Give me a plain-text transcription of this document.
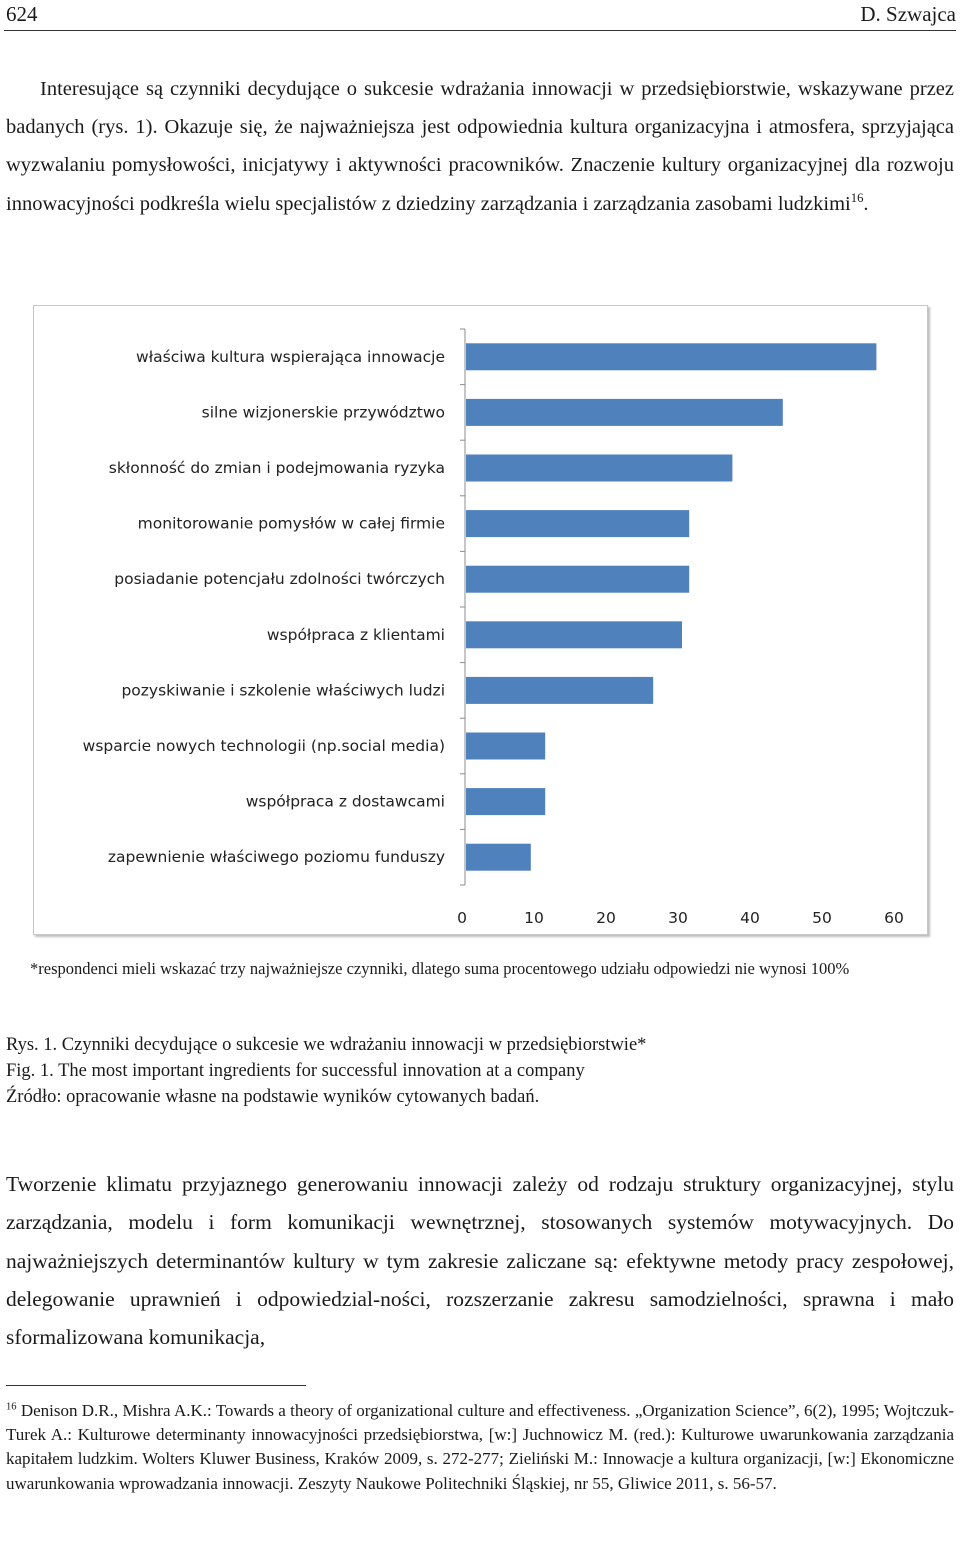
624	D. Szwajca

Interesujące są czynniki decydujące o sukcesie wdrażania innowacji w przedsiębiorstwie, wskazywane przez badanych (rys. 1). Okazuje się, że najważniejsza jest odpowiednia kultura organizacyjna i atmosfera, sprzyjająca wyzwalaniu pomysłowości, inicjatywy i aktywności pracowników. Znaczenie kultury organizacyjnej dla rozwoju innowacyjności podkreśla wielu specjalistów z dziedziny zarządzania i zarządzania zasobami ludzkimi$^{16}$.

właściwa kultura wspierająca innowacje
silne wizjonerskie przywództwo
skłonność do zmian i podejmowania ryzyka
monitorowanie pomysłów w całej firmie
posiadanie potencjału zdolności twórczych
współpraca z klientami
pozyskiwanie i szkolenie właściwych ludzi
wsparcie nowych technologii (np.social media)
współpraca z dostawcami
zapewnienie właściwego poziomu funduszy
0	10	20	30	40	50	60

*respondenci mieli wskazać trzy najważniejsze czynniki, dlatego suma procentowego udziału odpowiedzi nie wynosi 100%

Rys. 1. Czynniki decydujące o sukcesie we wdrażaniu innowacji w przedsiębiorstwie*

Fig. 1. The most important ingredients for successful innovation at a company

Źródło: opracowanie własne na podstawie wyników cytowanych badań.

Tworzenie klimatu przyjaznego generowaniu innowacji zależy od rodzaju struktury organizacyjnej, stylu zarządzania, modelu i form komunikacji wewnętrznej, stosowanych systemów motywacyjnych. Do najważniejszych determinantów kultury w tym zakresie zaliczane są: efektywne metody pracy zespołowej, delegowanie uprawnień i odpowiedzial-ności, rozszerzanie zakresu samodzielności, sprawna i mało sformalizowana komunikacja,

$^{16}$ Denison D.R., Mishra A.K.: Towards a theory of organizational culture and effectiveness. „Organization Science”, 6(2), 1995; Wojtczuk-Turek A.: Kulturowe determinanty innowacyjności przedsiębiorstwa, [w:] Juchnowicz M. (red.): Kulturowe uwarunkowania zarządzania kapitałem ludzkim. Wolters Kluwer Business, Kraków 2009, s. 272-277; Zieliński M.: Innowacje a kultura organizacji, [w:] Ekonomiczne uwarunkowania wprowadzania innowacji. Zeszyty Naukowe Politechniki Śląskiej, nr 55, Gliwice 2011, s. 56-57.
